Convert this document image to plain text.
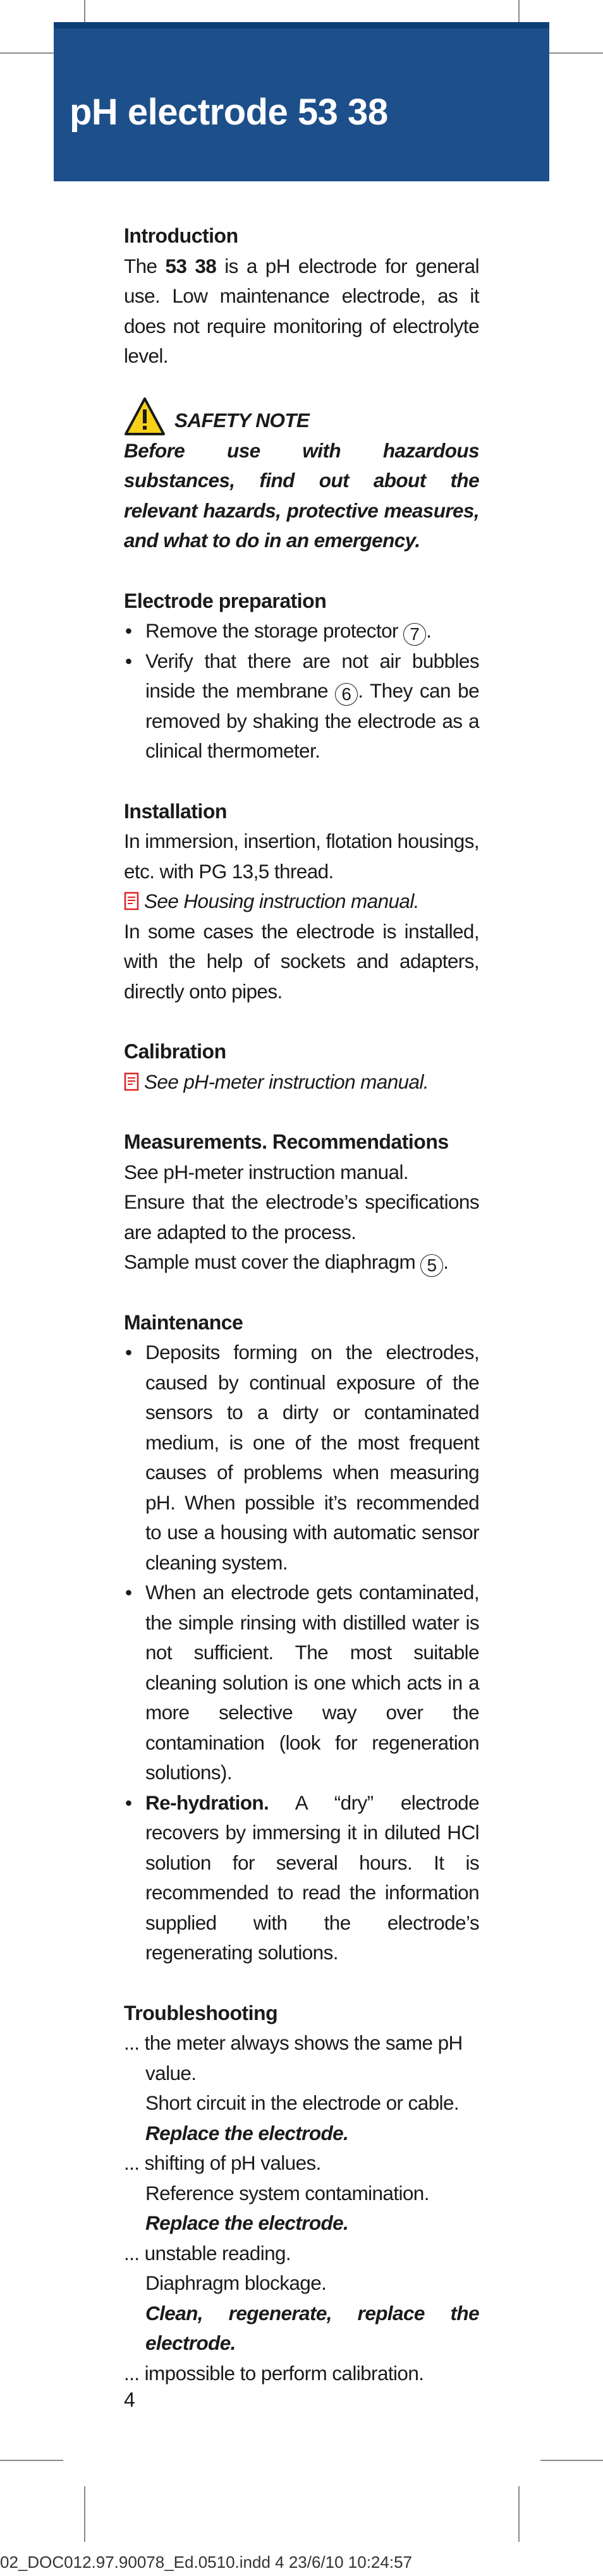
pH electrode 53 38
Introduction

The 53 38 is a pH electrode for general use. Low maintenance electrode, as it does not require monitoring of electrolyte level.

SAFETY NOTE

Before use with hazardous substances, find out about the relevant hazards, protective measures, and what to do in an emergency.

Electrode preparation
• Remove the storage protector 7 .
• Verify that there are not air bubbles inside the membrane 6 . They can be removed by shaking the electrode as a clinical thermometer.
Installation

In immersion, insertion, flotation housings, etc. with PG 13,5 thread.

See Housing instruction manual.

In some cases the electrode is installed, with the help of sockets and adapters, directly onto pipes.

Calibration

See pH-meter instruction manual.

Measurements. Recommendations

See pH-meter instruction manual.

Ensure that the electrode’s specifications are adapted to the process.

Sample must cover the diaphragm 5 .

Maintenance
• Deposits forming on the electrodes, caused by continual exposure of the sensors to a dirty or contaminated medium, is one of the most frequent causes of problems when measuring pH. When possible it’s recommended to use a housing with automatic sensor cleaning system.
• When an electrode gets contaminated, the simple rinsing with distilled water is not sufficient. The most suitable cleaning solution is one which acts in a more selective way over the contamination (look for regeneration solutions).
• Re-hydration. A “dry” electrode recovers by immersing it in diluted HCl solution for several hours. It is recommended to read the information supplied with the electrode’s regenerating solutions.
Troubleshooting

... the meter always shows the same pH value.

Short circuit in the electrode or cable.

Replace the electrode.

... shifting of pH values.

Reference system contamination.

Replace the electrode.

... unstable reading.

Diaphragm blockage.

Clean, regenerate, replace the electrode.

... impossible to perform calibration.

4
02_DOC012.97.90078_Ed.0510.indd 4 23/6/10 10:24:57
